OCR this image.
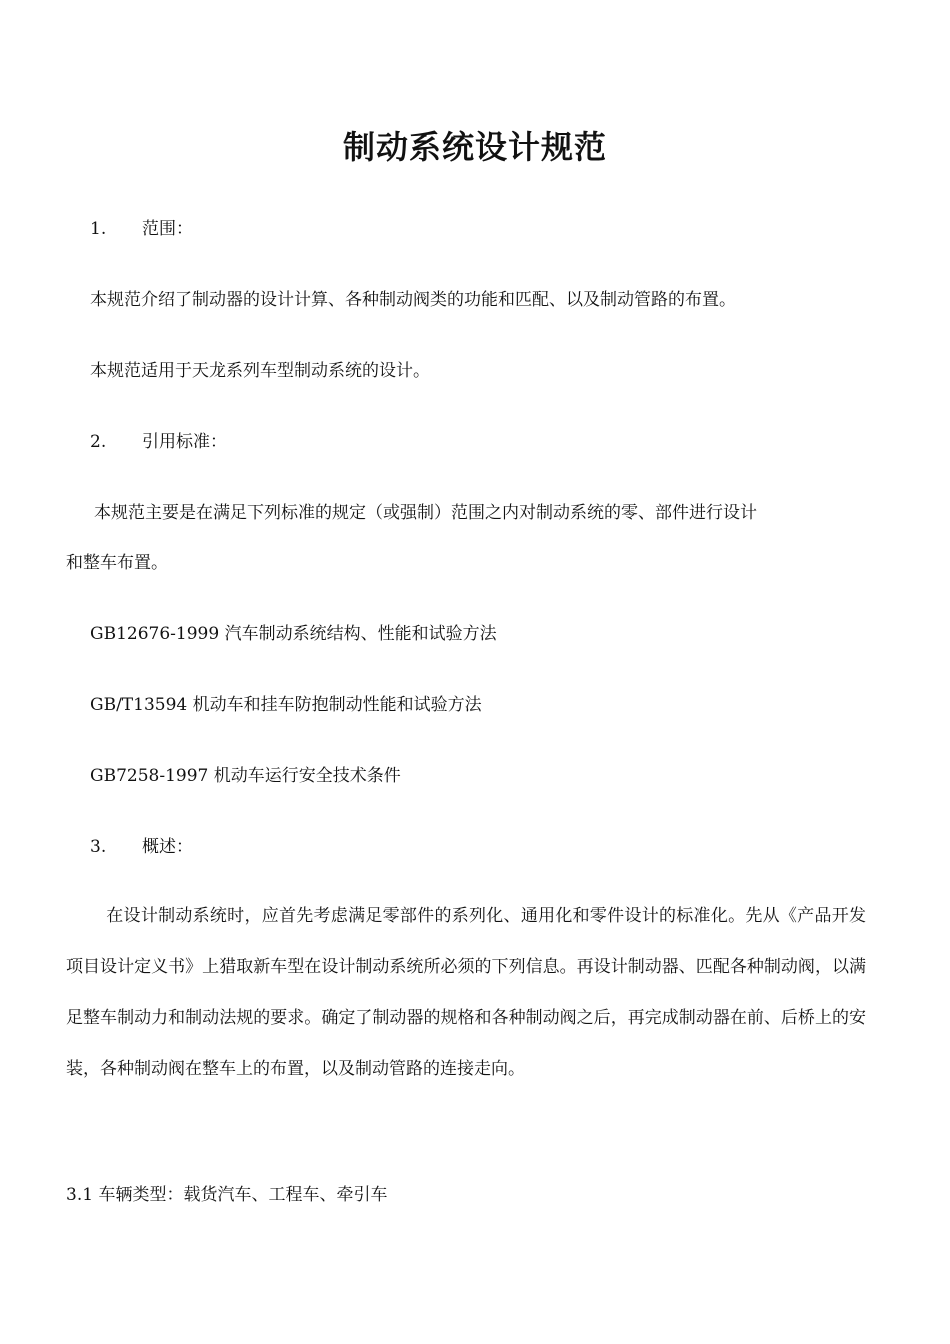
制动系统设计规范
1. 范围：

本规范介绍了制动器的设计计算、各种制动阀类的功能和匹配、以及制动管路的布置。

本规范适用于天龙系列车型制动系统的设计。

2. 引用标准：

本规范主要是在满足下列标准的规定（或强制）范围之内对制动系统的零、部件进行设计

和整车布置。

GB12676-1999 汽车制动系统结构、性能和试验方法

GB/T13594 机动车和挂车防抱制动性能和试验方法

GB7258-1997 机动车运行安全技术条件

3. 概述：

在设计制动系统时，应首先考虑满足零部件的系列化、通用化和零件设计的标准化。先从《产品开发项目设计定义书》上猎取新车型在设计制动系统所必须的下列信息。再设计制动器、匹配各种制动阀，以满足整车制动力和制动法规的要求。确定了制动器的规格和各种制动阀之后，再完成制动器在前、后桥上的安装，各种制动阀在整车上的布置，以及制动管路的连接走向。

3.1 车辆类型：载货汽车、工程车、牵引车
